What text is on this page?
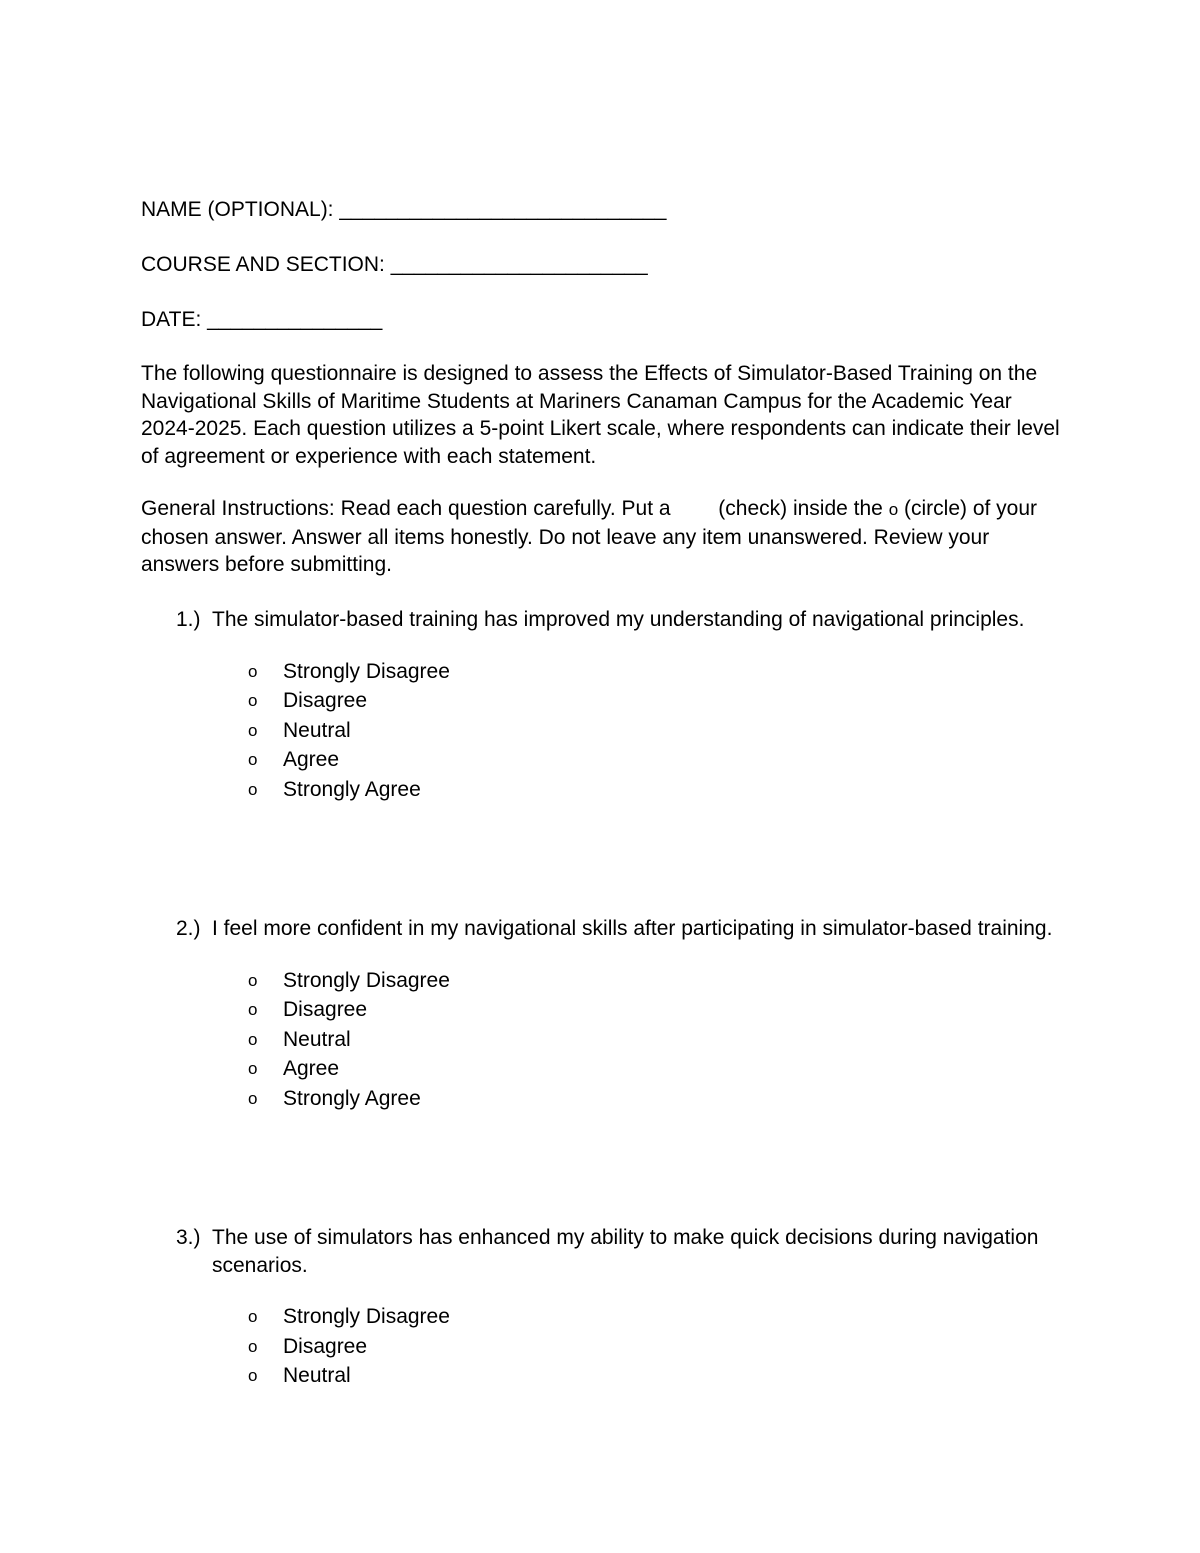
NAME (OPTIONAL): ____________________________
COURSE AND SECTION: ______________________
DATE: _______________

The following questionnaire is designed to assess the Effects of Simulator-Based Training on the Navigational Skills of Maritime Students at Mariners Canaman Campus for the Academic Year 2024-2025. Each question utilizes a 5-point Likert scale, where respondents can indicate their level of agreement or experience with each statement.

General Instructions: Read each question carefully. Put a (check) inside the o (circle) of your chosen answer. Answer all items honestly. Do not leave any item unanswered. Review your answers before submitting.

1.) The simulator-based training has improved my understanding of navigational principles.
o	Strongly Disagree
o	Disagree
o	Neutral
o	Agree
o	Strongly Agree
2.) I feel more confident in my navigational skills after participating in simulator-based training.
o	Strongly Disagree
o	Disagree
o	Neutral
o	Agree
o	Strongly Agree
3.) The use of simulators has enhanced my ability to make quick decisions during navigation scenarios.
o	Strongly Disagree
o	Disagree
o	Neutral
